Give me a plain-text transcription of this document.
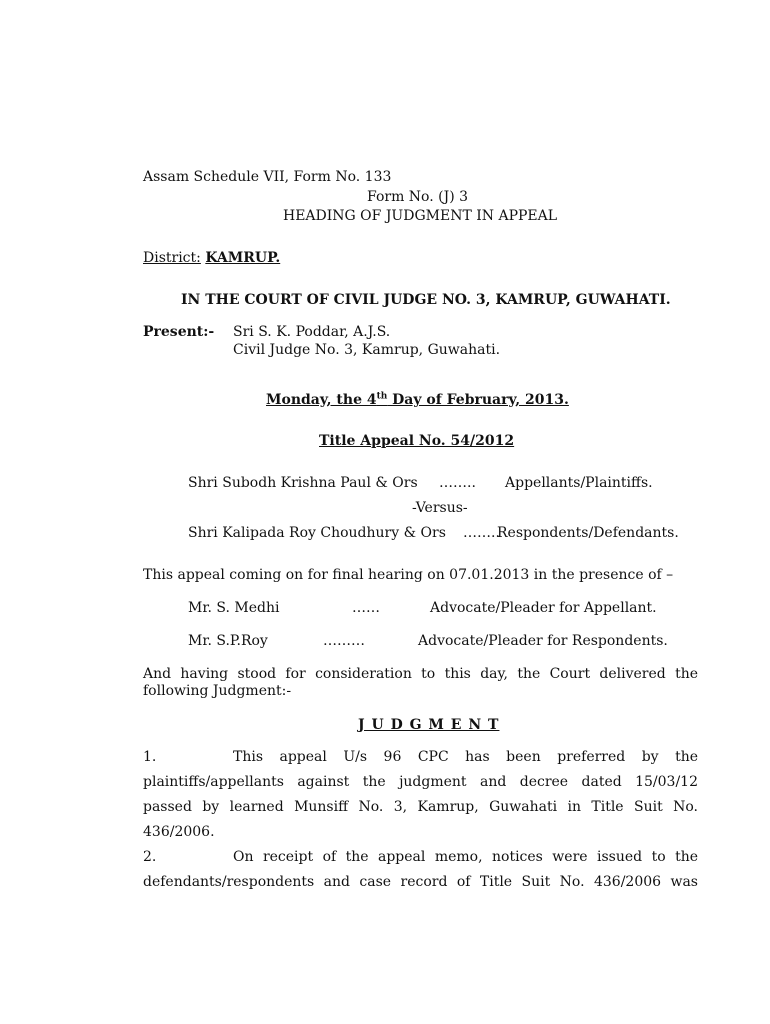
Assam Schedule VII, Form No. 133
Form No. (J) 3
HEADING OF JUDGMENT IN APPEAL
District: KAMRUP.
IN THE COURT OF CIVIL JUDGE NO. 3, KAMRUP, GUWAHATI.
Present:- Sri S. K. Poddar, A.J.S.
Civil Judge No. 3, Kamrup, Guwahati.
Monday, the 4th Day of February, 2013.
Title Appeal No. 54/2012
Shri Subodh Krishna Paul & Ors …….. Appellants/Plaintiffs.
-Versus-
Shri Kalipada Roy Choudhury & Ors ……..
Respondents/Defendants.
This appeal coming on for final hearing on 07.01.2013 in the presence of –
Mr. S. Medhi	……	Advocate/Pleader for Appellant.
Mr. S.P.Roy	………	Advocate/Pleader for Respondents.
And having stood for consideration to this day, the Court delivered the
following Judgment:-
J U D G M E N T
1.	This appeal U/s 96 CPC has been preferred by the
plaintiffs/appellants against the judgment and decree dated 15/03/12
passed by learned Munsiff No. 3, Kamrup, Guwahati in Title Suit No.
436/2006.
2.	On receipt of the appeal memo, notices were issued to the
defendants/respondents and case record of Title Suit No. 436/2006 was
